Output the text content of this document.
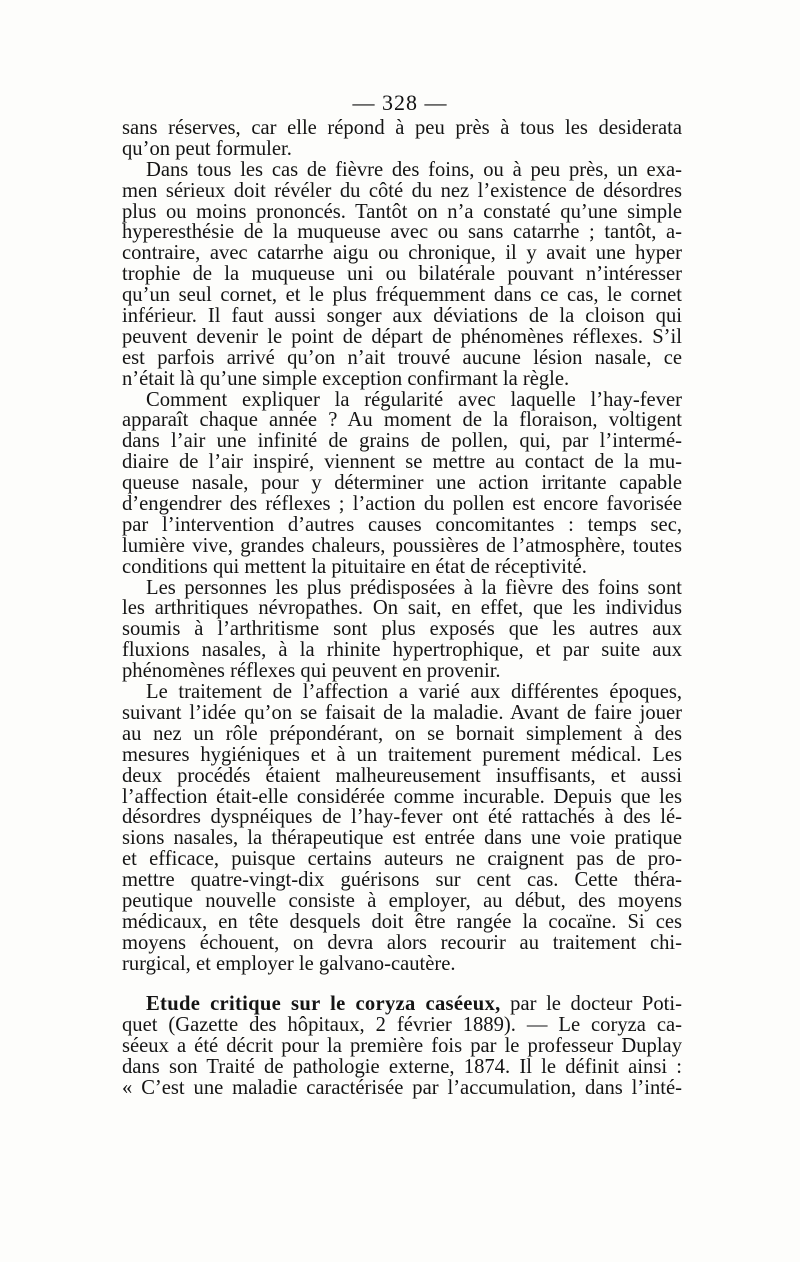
— 328 —
sans réserves, car elle répond à peu près à tous les desiderata
qu’on peut formuler.
Dans tous les cas de fièvre des foins, ou à peu près, un exa-
men sérieux doit révéler du côté du nez l’existence de désordres
plus ou moins prononcés. Tantôt on n’a constaté qu’une simple
hyperesthésie de la muqueuse avec ou sans catarrhe ; tantôt, a-
contraire, avec catarrhe aigu ou chronique, il y avait une hyper
trophie de la muqueuse uni ou bilatérale pouvant n’intéresser
qu’un seul cornet, et le plus fréquemment dans ce cas, le cornet
inférieur. Il faut aussi songer aux déviations de la cloison qui
peuvent devenir le point de départ de phénomènes réflexes. S’il
est parfois arrivé qu’on n’ait trouvé aucune lésion nasale, ce
n’était là qu’une simple exception confirmant la règle.
Comment expliquer la régularité avec laquelle l’hay-fever
apparaît chaque année ? Au moment de la floraison, voltigent
dans l’air une infinité de grains de pollen, qui, par l’intermé-
diaire de l’air inspiré, viennent se mettre au contact de la mu-
queuse nasale, pour y déterminer une action irritante capable
d’engendrer des réflexes ; l’action du pollen est encore favorisée
par l’intervention d’autres causes concomitantes : temps sec,
lumière vive, grandes chaleurs, poussières de l’atmosphère, toutes
conditions qui mettent la pituitaire en état de réceptivité.
Les personnes les plus prédisposées à la fièvre des foins sont
les arthritiques névropathes. On sait, en effet, que les individus
soumis à l’arthritisme sont plus exposés que les autres aux
fluxions nasales, à la rhinite hypertrophique, et par suite aux
phénomènes réflexes qui peuvent en provenir.
Le traitement de l’affection a varié aux différentes époques,
suivant l’idée qu’on se faisait de la maladie. Avant de faire jouer
au nez un rôle prépondérant, on se bornait simplement à des
mesures hygiéniques et à un traitement purement médical. Les
deux procédés étaient malheureusement insuffisants, et aussi
l’affection était-elle considérée comme incurable. Depuis que les
désordres dyspnéiques de l’hay-fever ont été rattachés à des lé-
sions nasales, la thérapeutique est entrée dans une voie pratique
et efficace, puisque certains auteurs ne craignent pas de pro-
mettre quatre-vingt-dix guérisons sur cent cas. Cette théra-
peutique nouvelle consiste à employer, au début, des moyens
médicaux, en tête desquels doit être rangée la cocaïne. Si ces
moyens échouent, on devra alors recourir au traitement chi-
rurgical, et employer le galvano-cautère.
Etude critique sur le coryza caséeux, par le docteur Poti-
quet (Gazette des hôpitaux, 2 février 1889). — Le coryza ca-
séeux a été décrit pour la première fois par le professeur Duplay
dans son Traité de pathologie externe, 1874. Il le définit ainsi :
« C’est une maladie caractérisée par l’accumulation, dans l’inté-
